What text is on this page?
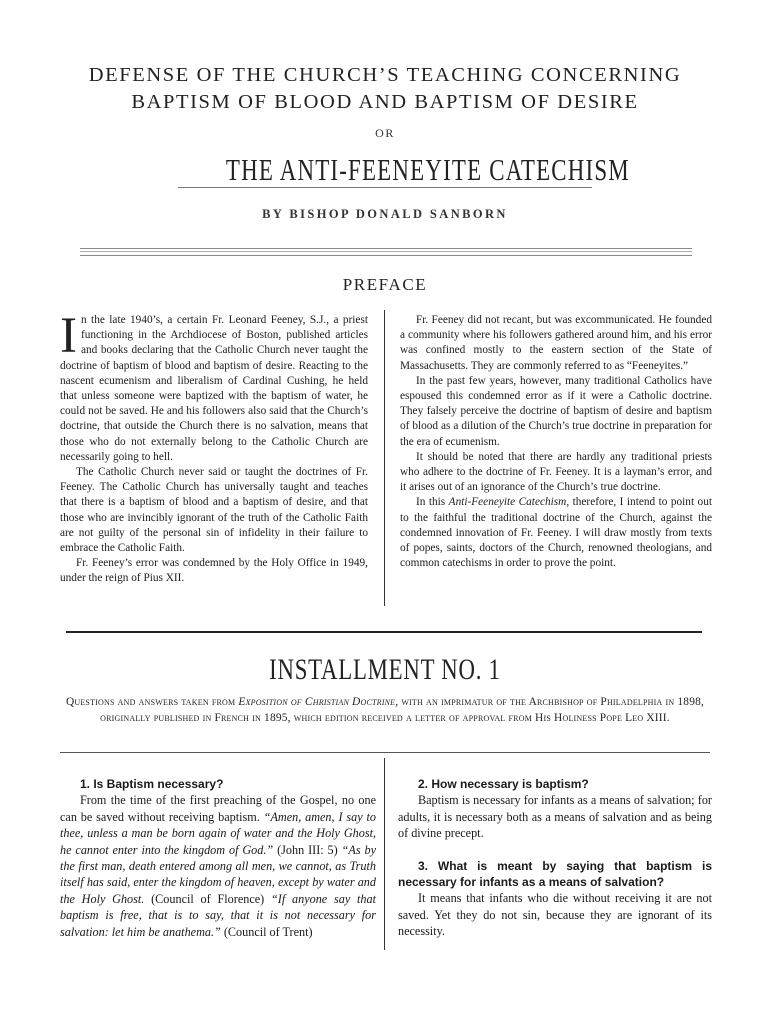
DEFENSE OF THE CHURCH’S TEACHING CONCERNING BAPTISM OF BLOOD AND BAPTISM OF DESIRE
OR
THE ANTI-FEENEYITE CATECHISM
BY BISHOP DONALD SANBORN
PREFACE

In the late 1940’s, a certain Fr. Leonard Feeney, S.J., a priest functioning in the Archdiocese of Boston, published articles and books declaring that the Catholic Church never taught the doctrine of baptism of blood and baptism of desire. Reacting to the nascent ecumenism and liberalism of Cardinal Cushing, he held that unless someone were baptized with the baptism of water, he could not be saved. He and his followers also said that the Church’s doctrine, that outside the Church there is no salvation, means that those who do not externally belong to the Catholic Church are necessarily going to hell.

The Catholic Church never said or taught the doctrines of Fr. Feeney. The Catholic Church has universally taught and teaches that there is a baptism of blood and a baptism of desire, and that those who are invincibly ignorant of the truth of the Catholic Faith are not guilty of the personal sin of infidelity in their failure to embrace the Catholic Faith.

Fr. Feeney’s error was condemned by the Holy Office in 1949, under the reign of Pius XII.

Fr. Feeney did not recant, but was excommunicated. He founded a community where his followers gathered around him, and his error was confined mostly to the eastern section of the State of Massachusetts. They are commonly referred to as “Feeneyites.”

In the past few years, however, many traditional Catholics have espoused this condemned error as if it were a Catholic doctrine. They falsely perceive the doctrine of baptism of desire and baptism of blood as a dilution of the Church’s true doctrine in preparation for the era of ecumenism.

It should be noted that there are hardly any traditional priests who adhere to the doctrine of Fr. Feeney. It is a layman’s error, and it arises out of an ignorance of the Church’s true doctrine.

In this Anti-Feeneyite Catechism, therefore, I intend to point out to the faithful the traditional doctrine of the Church, against the condemned innovation of Fr. Feeney. I will draw mostly from texts of popes, saints, doctors of the Church, renowned theologians, and common catechisms in order to prove the point.

INSTALLMENT NO. 1
Questions and answers taken from Exposition of Christian Doctrine, with an imprimatur of the Archbishop of Philadelphia in 1898, originally published in French in 1895, which edition received a letter of approval from His Holiness Pope Leo XIII.
1. Is Baptism necessary?

From the time of the first preaching of the Gospel, no one can be saved without receiving baptism. “Amen, amen, I say to thee, unless a man be born again of water and the Holy Ghost, he cannot enter into the kingdom of God.” (John III: 5) “As by the first man, death entered among all men, we cannot, as Truth itself has said, enter the kingdom of heaven, except by water and the Holy Ghost. (Council of Florence) “If anyone say that baptism is free, that is to say, that it is not necessary for salvation: let him be anathema.” (Council of Trent)

2. How necessary is baptism?

Baptism is necessary for infants as a means of salvation; for adults, it is necessary both as a means of salvation and as being of divine precept.

3. What is meant by saying that baptism is necessary for infants as a means of salvation?

It means that infants who die without receiving it are not saved. Yet they do not sin, because they are ignorant of its necessity.
